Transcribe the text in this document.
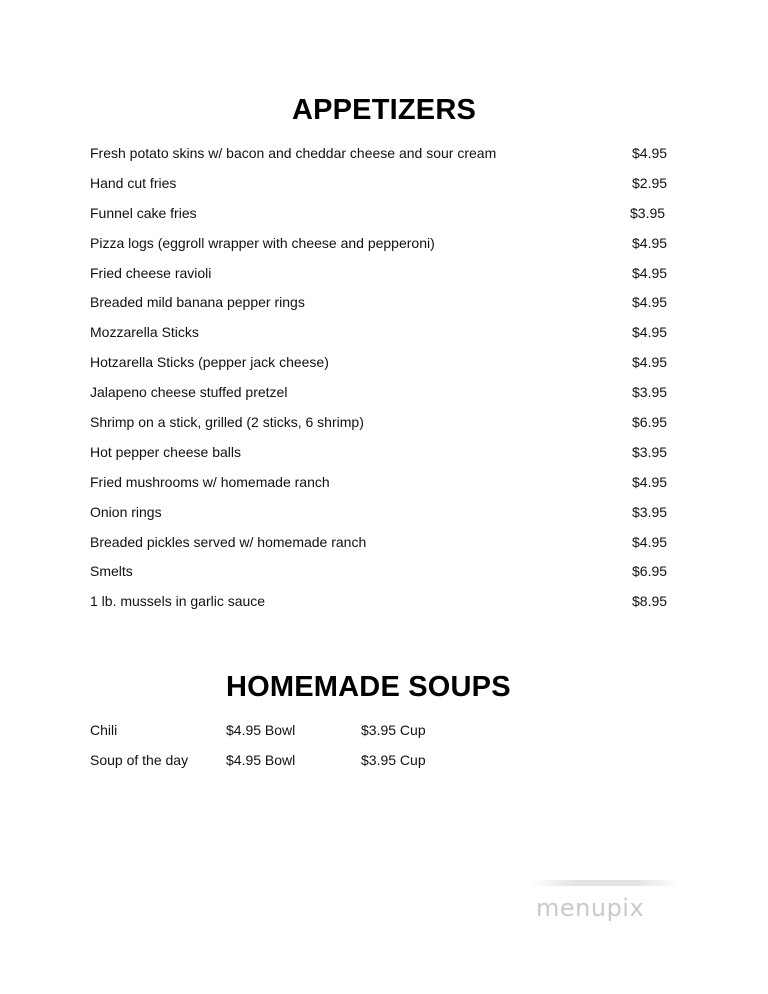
APPETIZERS
Fresh potato skins w/ bacon and cheddar cheese and sour cream	$4.95
Hand cut fries	$2.95
Funnel cake fries	$3.95
Pizza logs (eggroll wrapper with cheese and pepperoni)	$4.95
Fried cheese ravioli	$4.95
Breaded mild banana pepper rings	$4.95
Mozzarella Sticks	$4.95
Hotzarella Sticks (pepper jack cheese)	$4.95
Jalapeno cheese stuffed pretzel	$3.95
Shrimp on a stick, grilled (2 sticks, 6 shrimp)	$6.95
Hot pepper cheese balls	$3.95
Fried mushrooms w/ homemade ranch	$4.95
Onion rings	$3.95
Breaded pickles served w/ homemade ranch	$4.95
Smelts	$6.95
1 lb. mussels in garlic sauce	$8.95
HOMEMADE SOUPS
Chili	$4.95 Bowl	$3.95 Cup
Soup of the day	$4.95 Bowl	$3.95 Cup
menupix
